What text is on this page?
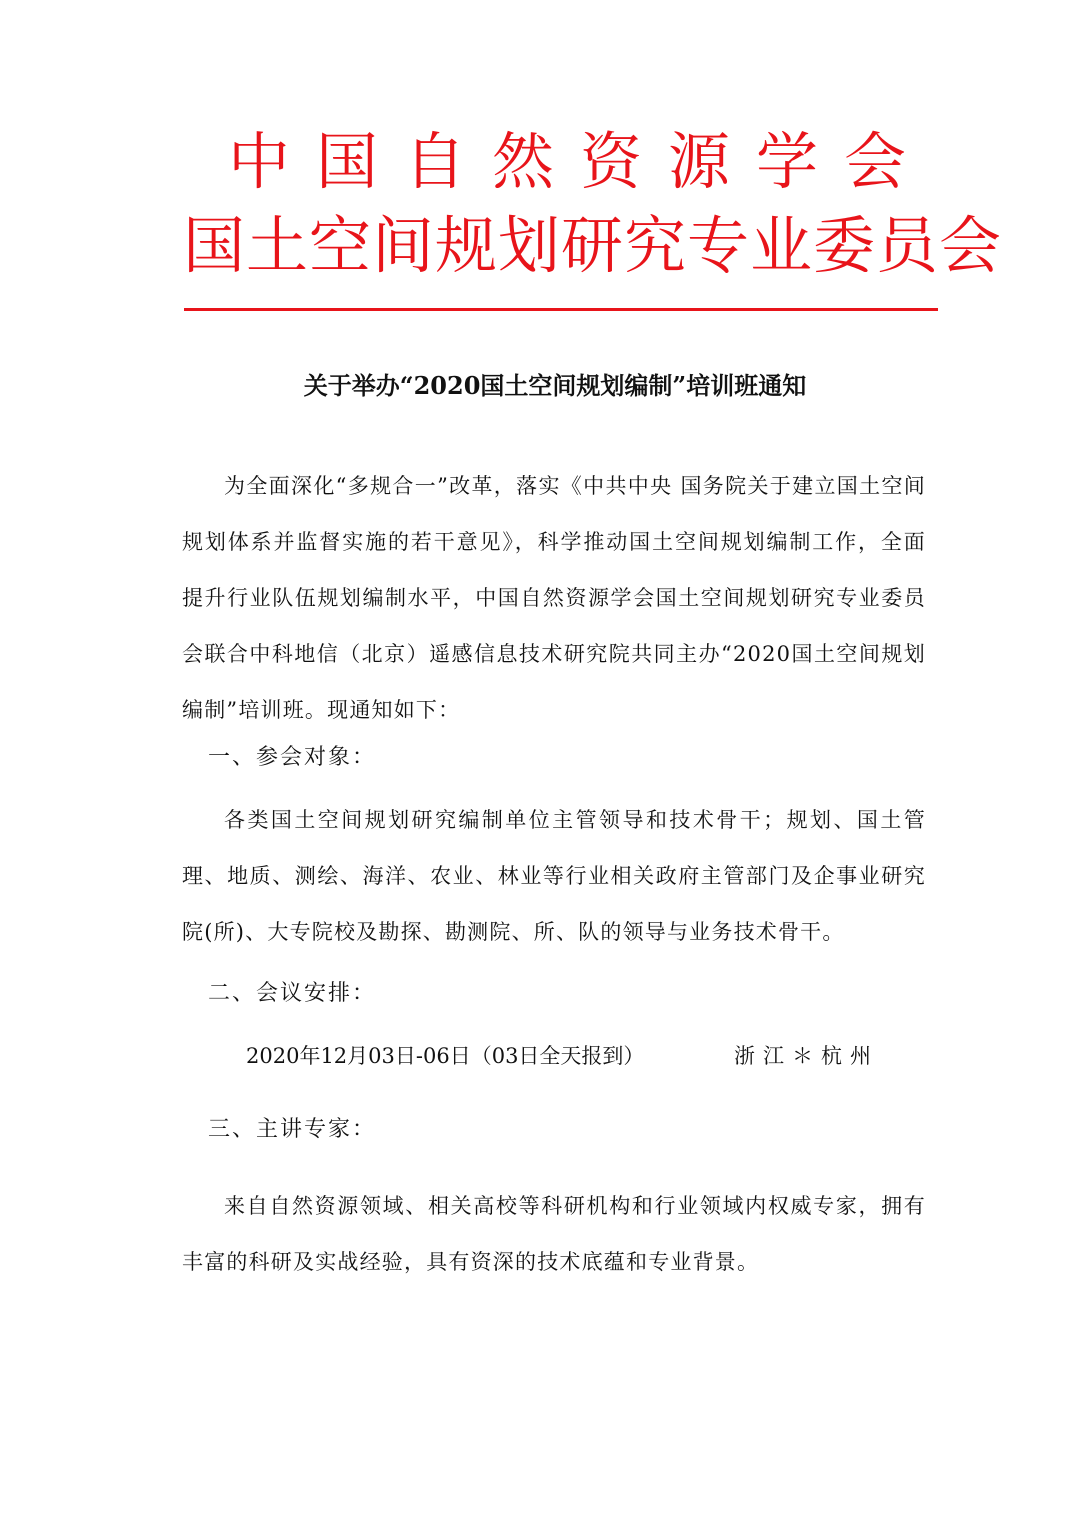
中国自然资源学会
国土空间规划研究专业委员会
关于举办“2020国土空间规划编制”培训班通知
为全面深化“多规合一”改革，落实《中共中央 国务院关于建立国土空间规划体系并监督实施的若干意见》，科学推动国土空间规划编制工作，全面提升行业队伍规划编制水平，中国自然资源学会国土空间规划研究专业委员会联合中科地信（北京）遥感信息技术研究院共同主办“2020国土空间规划编制”培训班。现通知如下：
一、参会对象：
各类国土空间规划研究编制单位主管领导和技术骨干；规划、国土管理、地质、测绘、海洋、农业、林业等行业相关政府主管部门及企事业研究院(所)、大专院校及勘探、勘测院、所、队的领导与业务技术骨干。
二、会议安排：
2020年12月03日-06日（03日全天报到）	浙江＊杭州
三、主讲专家：
来自自然资源领域、相关高校等科研机构和行业领域内权威专家，拥有丰富的科研及实战经验，具有资深的技术底蕴和专业背景。
